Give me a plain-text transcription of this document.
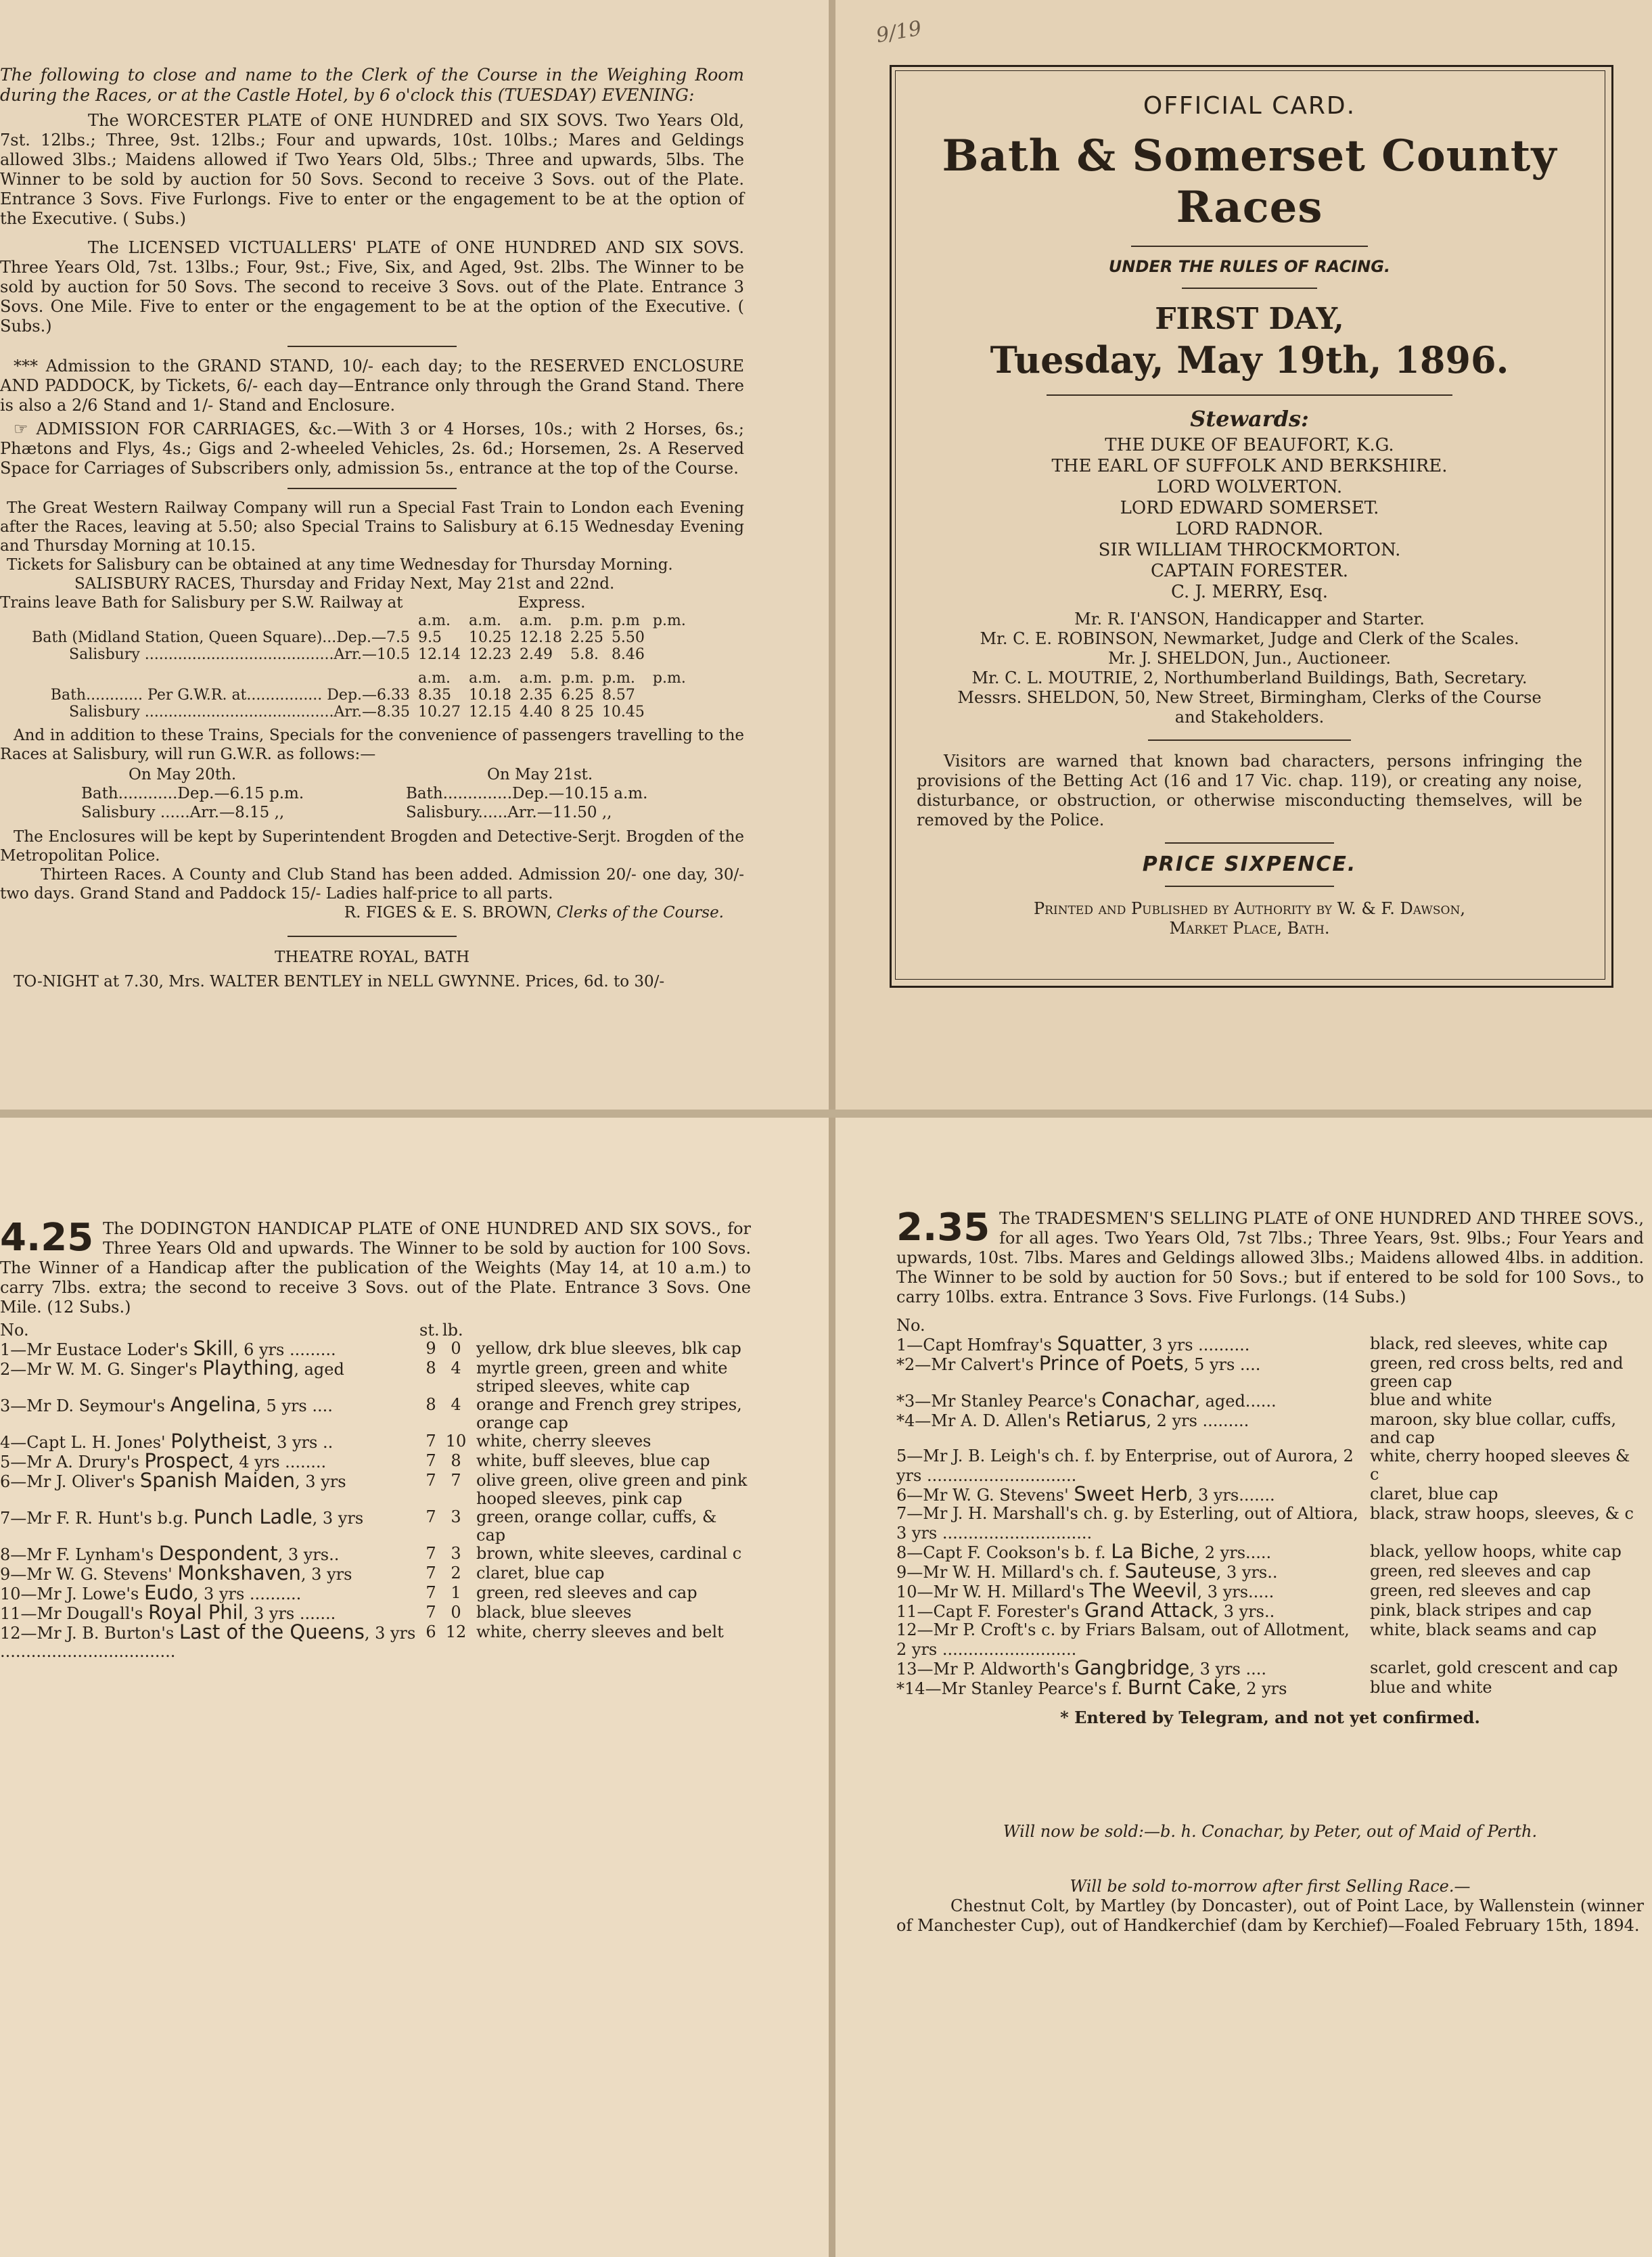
The following to close and name to the Clerk of the Course in the Weighing Room during the Races, or at the Castle Hotel, by 6 o'clock this (TUESDAY) EVENING:

The WORCESTER PLATE of ONE HUNDRED and SIX SOVS. Two Years Old, 7st. 12lbs.; Three, 9st. 12lbs.; Four and upwards, 10st. 10lbs.; Mares and Geldings allowed 3lbs.; Maidens allowed if Two Years Old, 5lbs.; Three and upwards, 5lbs. The Winner to be sold by auction for 50 Sovs. Second to receive 3 Sovs. out of the Plate. Entrance 3 Sovs. Five Furlongs. Five to enter or the engagement to be at the option of the Executive. ( Subs.)

The LICENSED VICTUALLERS' PLATE of ONE HUNDRED AND SIX SOVS. Three Years Old, 7st. 13lbs.; Four, 9st.; Five, Six, and Aged, 9st. 2lbs. The Winner to be sold by auction for 50 Sovs. The second to receive 3 Sovs. out of the Plate. Entrance 3 Sovs. One Mile. Five to enter or the engagement to be at the option of the Executive. ( Subs.)

*** Admission to the GRAND STAND, 10/- each day; to the RESERVED ENCLOSURE AND PADDOCK, by Tickets, 6/- each day—Entrance only through the Grand Stand. There is also a 2/6 Stand and 1/- Stand and Enclosure.

☞ ADMISSION FOR CARRIAGES, &c.—With 3 or 4 Horses, 10s.; with 2 Horses, 6s.; Phætons and Flys, 4s.; Gigs and 2-wheeled Vehicles, 2s. 6d.; Horsemen, 2s. A Reserved Space for Carriages of Subscribers only, admission 5s., entrance at the top of the Course.

The Great Western Railway Company will run a Special Fast Train to London each Evening after the Races, leaving at 5.50; also Special Trains to Salisbury at 6.15 Wednesday Evening and Thursday Morning at 10.15.

Tickets for Salisbury can be obtained at any time Wednesday for Thursday Morning.

SALISBURY RACES, Thursday and Friday Next, May 21st and 22nd.

Trains leave Bath for Salisbury per S.W. Railway at	Express.

	a.m.	a.m.	a.m.	p.m.	p.m	p.m.
Bath (Midland Station, Queen Square)...Dep.—7.5	9.5	10.25	12.18	2.25	5.50	
Salisbury ........................................Arr.—10.5	12.14	12.23	2.49	5.8.	8.46	
	a.m.	a.m.	a.m.	p.m.	p.m.	p.m.
Bath............ Per G.W.R. at................ Dep.—6.33	8.35	10.18	2.35	6.25	8.57	
Salisbury ........................................Arr.—8.35	10.27	12.15	4.40	8 25	10.45	

And in addition to these Trains, Specials for the convenience of passengers travelling to the Races at Salisbury, will run G.W.R. as follows:—

On May 20th.

Bath............Dep.—6.15 p.m.

Salisbury ......Arr.—8.15 ,,

On May 21st.

Bath..............Dep.—10.15 a.m.

Salisbury......Arr.—11.50 ,,

The Enclosures will be kept by Superintendent Brogden and Detective-Serjt. Brogden of the Metropolitan Police.

Thirteen Races. A County and Club Stand has been added. Admission 20/- one day, 30/- two days. Grand Stand and Paddock 15/- Ladies half-price to all parts.

R. FIGES & E. S. BROWN, Clerks of the Course.

THEATRE ROYAL, BATH

TO-NIGHT at 7.30, Mrs. WALTER BENTLEY in NELL GWYNNE. Prices, 6d. to 30/-

9/19

OFFICIAL CARD.

Bath & Somerset County Races

UNDER THE RULES OF RACING.

FIRST DAY,

Tuesday, May 19th, 1896.

Stewards:

THE DUKE OF BEAUFORT, K.G.

THE EARL OF SUFFOLK AND BERKSHIRE.

LORD WOLVERTON.

LORD EDWARD SOMERSET.

LORD RADNOR.

SIR WILLIAM THROCKMORTON.

CAPTAIN FORESTER.

C. J. MERRY, Esq.

Mr. R. I'ANSON, Handicapper and Starter.

Mr. C. E. ROBINSON, Newmarket, Judge and Clerk of the Scales.

Mr. J. SHELDON, Jun., Auctioneer.

Mr. C. L. MOUTRIE, 2, Northumberland Buildings, Bath, Secretary.

Messrs. SHELDON, 50, New Street, Birmingham, Clerks of the Course and Stakeholders.

Visitors are warned that known bad characters, persons infringing the provisions of the Betting Act (16 and 17 Vic. chap. 119), or creating any noise, disturbance, or obstruction, or otherwise misconducting themselves, will be removed by the Police.

PRICE SIXPENCE.

Printed and Published by Authority by W. & F. Dawson,

Market Place, Bath.

4.25 The DODINGTON HANDICAP PLATE of ONE HUNDRED AND SIX SOVS., for Three Years Old and upwards. The Winner to be sold by auction for 100 Sovs. The Winner of a Handicap after the publication of the Weights (May 14, at 10 a.m.) to carry 7lbs. extra; the second to receive 3 Sovs. out of the Plate. Entrance 3 Sovs. One Mile. (12 Subs.)

No.	st.	lb.	
1—Mr Eustace Loder's Skill, 6 yrs .........	9	0	yellow, drk blue sleeves, blk cap
2—Mr W. M. G. Singer's Plaything, aged	8	4	myrtle green, green and white striped sleeves, white cap
3—Mr D. Seymour's Angelina, 5 yrs ....	8	4	orange and French grey stripes, orange cap
4—Capt L. H. Jones' Polytheist, 3 yrs ..	7	10	white, cherry sleeves
5—Mr A. Drury's Prospect, 4 yrs ........	7	8	white, buff sleeves, blue cap
6—Mr J. Oliver's Spanish Maiden, 3 yrs	7	7	olive green, olive green and pink hooped sleeves, pink cap
7—Mr F. R. Hunt's b.g. Punch Ladle, 3 yrs	7	3	green, orange collar, cuffs, & cap
8—Mr F. Lynham's Despondent, 3 yrs..	7	3	brown, white sleeves, cardinal c
9—Mr W. G. Stevens' Monkshaven, 3 yrs	7	2	claret, blue cap
10—Mr J. Lowe's Eudo, 3 yrs ..........	7	1	green, red sleeves and cap
11—Mr Dougall's Royal Phil, 3 yrs .......	7	0	black, blue sleeves
12—Mr J. B. Burton's Last of the Queens, 3 yrs ..................................	6	12	white, cherry sleeves and belt
2.35 The TRADESMEN'S SELLING PLATE of ONE HUNDRED AND THREE SOVS., for all ages. Two Years Old, 7st 7lbs.; Three Years, 9st. 9lbs.; Four Years and upwards, 10st. 7lbs. Mares and Geldings allowed 3lbs.; Maidens allowed 4lbs. in addition. The Winner to be sold by auction for 50 Sovs.; but if entered to be sold for 100 Sovs., to carry 10lbs. extra. Entrance 3 Sovs. Five Furlongs. (14 Subs.)

No.	
1—Capt Homfray's Squatter, 3 yrs ..........	black, red sleeves, white cap
*2—Mr Calvert's Prince of Poets, 5 yrs ....	green, red cross belts, red and green cap
*3—Mr Stanley Pearce's Conachar, aged......	blue and white
*4—Mr A. D. Allen's Retiarus, 2 yrs .........	maroon, sky blue collar, cuffs, and cap
5—Mr J. B. Leigh's ch. f. by Enterprise, out of Aurora, 2 yrs .............................	white, cherry hooped sleeves & c
6—Mr W. G. Stevens' Sweet Herb, 3 yrs.......	claret, blue cap
7—Mr J. H. Marshall's ch. g. by Esterling, out of Altiora, 3 yrs .............................	black, straw hoops, sleeves, & c
8—Capt F. Cookson's b. f. La Biche, 2 yrs.....	black, yellow hoops, white cap
9—Mr W. H. Millard's ch. f. Sauteuse, 3 yrs..	green, red sleeves and cap
10—Mr W. H. Millard's The Weevil, 3 yrs.....	green, red sleeves and cap
11—Capt F. Forester's Grand Attack, 3 yrs..	pink, black stripes and cap
12—Mr P. Croft's c. by Friars Balsam, out of Allotment, 2 yrs ..........................	white, black seams and cap
13—Mr P. Aldworth's Gangbridge, 3 yrs ....	scarlet, gold crescent and cap
*14—Mr Stanley Pearce's f. Burnt Cake, 2 yrs	blue and white

* Entered by Telegram, and not yet confirmed.

Will now be sold:—b. h. Conachar, by Peter, out of Maid of Perth.

Will be sold to-morrow after first Selling Race.—

Chestnut Colt, by Martley (by Doncaster), out of Point Lace, by Wallenstein (winner of Manchester Cup), out of Handkerchief (dam by Kerchief)—Foaled February 15th, 1894.
